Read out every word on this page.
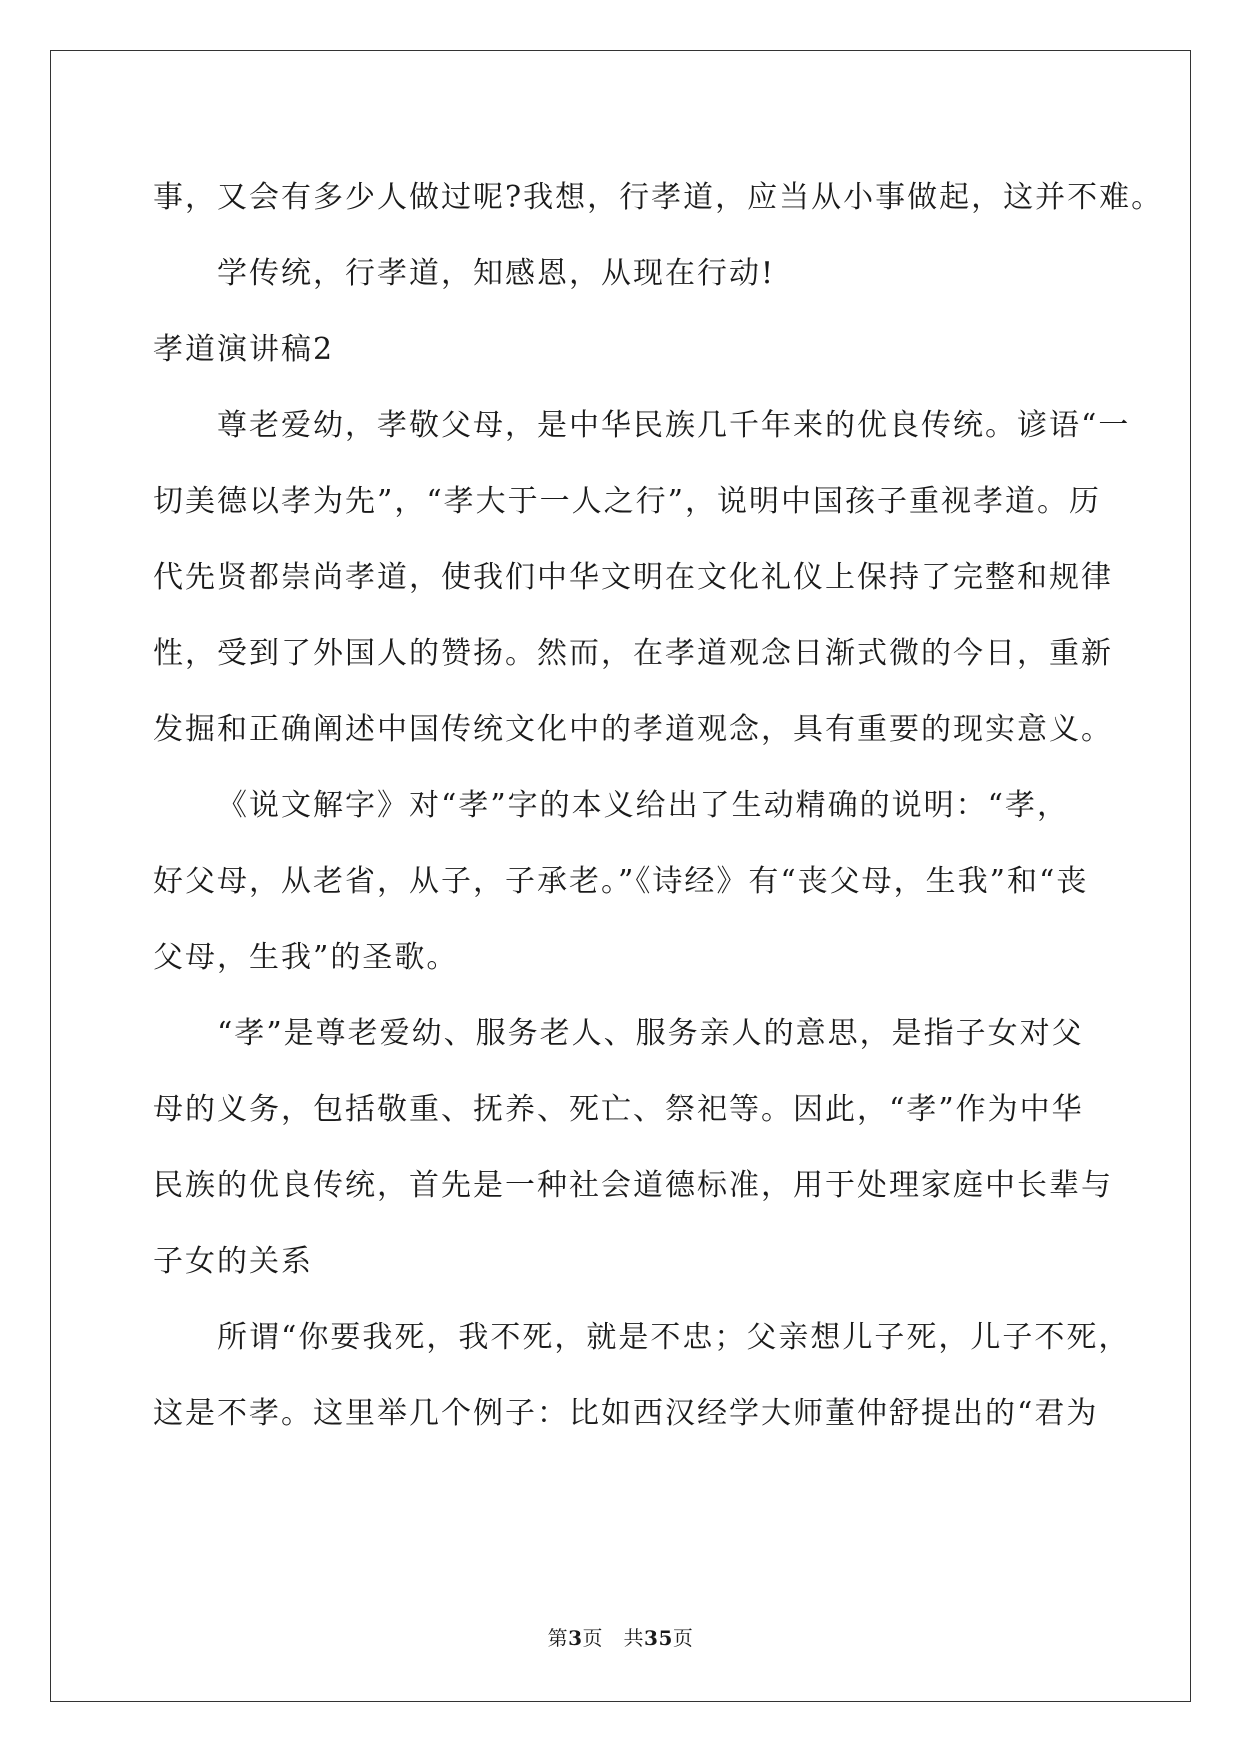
事，又会有多少人做过呢?我想，行孝道，应当从小事做起，这并不难。
学传统，行孝道，知感恩，从现在行动!
孝道演讲稿2
尊老爱幼，孝敬父母，是中华民族几千年来的优良传统。谚语“一
切美德以孝为先”，“孝大于一人之行”，说明中国孩子重视孝道。历
代先贤都崇尚孝道，使我们中华文明在文化礼仪上保持了完整和规律
性，受到了外国人的赞扬。然而，在孝道观念日渐式微的今日，重新
发掘和正确阐述中国传统文化中的孝道观念，具有重要的现实意义。
《说文解字》对“孝”字的本义给出了生动精确的说明：“孝，
好父母，从老省，从子，子承老。”《诗经》有“丧父母，生我”和“丧
父母，生我”的圣歌。
“孝”是尊老爱幼、服务老人、服务亲人的意思，是指子女对父
母的义务，包括敬重、抚养、死亡、祭祀等。因此，“孝”作为中华
民族的优良传统，首先是一种社会道德标准，用于处理家庭中长辈与
子女的关系
所谓“你要我死，我不死，就是不忠；父亲想儿子死，儿子不死，
这是不孝。这里举几个例子：比如西汉经学大师董仲舒提出的“君为
第3页　共35页
